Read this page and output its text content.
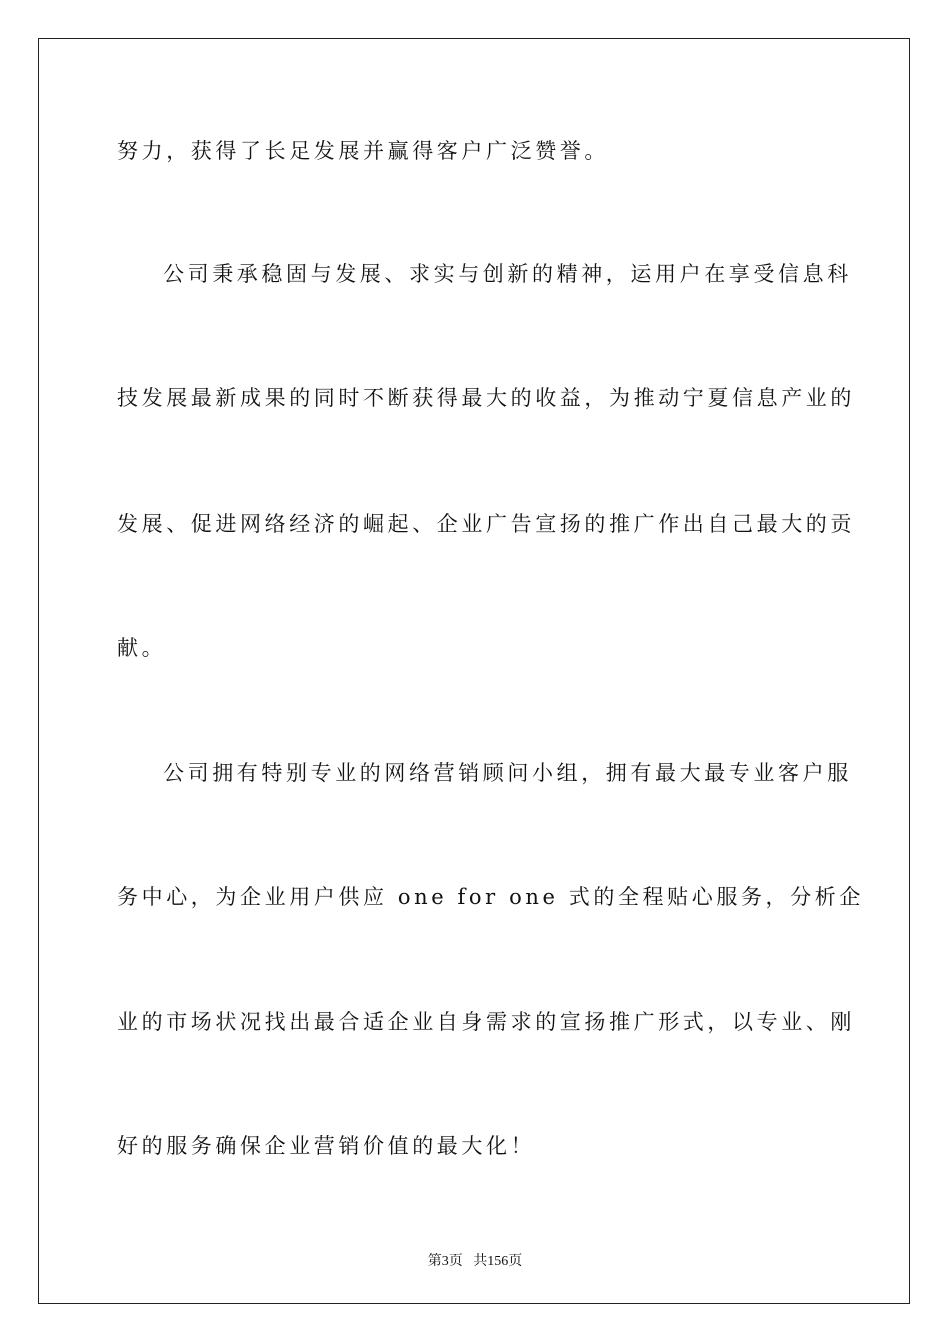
努力，获得了长足发展并赢得客户广泛赞誉。
公司秉承稳固与发展、求实与创新的精神，运用户在享受信息科
技发展最新成果的同时不断获得最大的收益，为推动宁夏信息产业的
发展、促进网络经济的崛起、企业广告宣扬的推广作出自己最大的贡
献。
公司拥有特别专业的网络营销顾问小组，拥有最大最专业客户服
务中心，为企业用户供应 one for one 式的全程贴心服务，分析企
业的市场状况找出最合适企业自身需求的宣扬推广形式，以专业、刚
好的服务确保企业营销价值的最大化！
第3页   共156页
